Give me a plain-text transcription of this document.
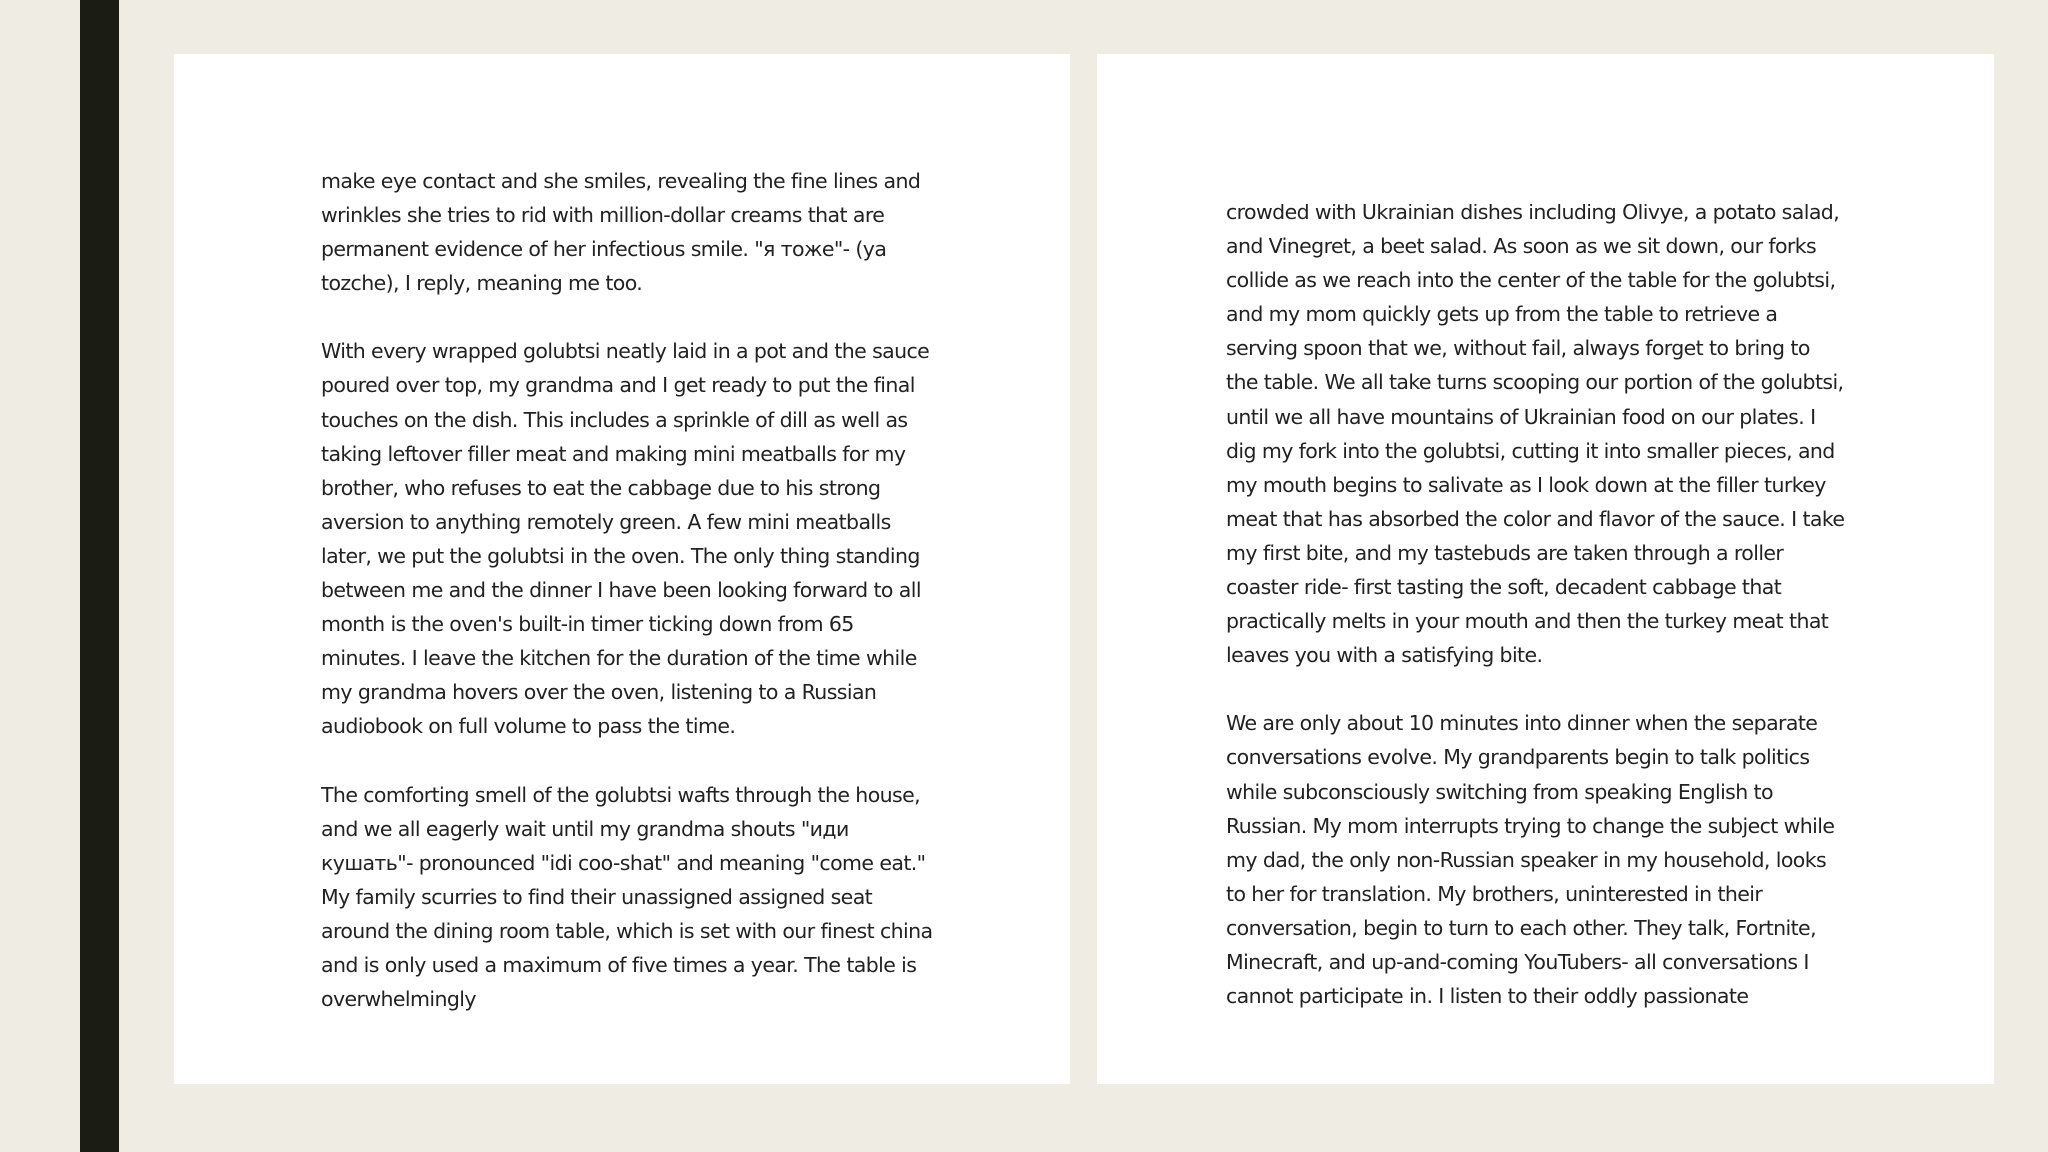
make eye contact and she smiles, revealing the fine lines and wrinkles she tries to rid with million-dollar creams that are permanent evidence of her infectious smile. "я тоже"- (ya tozche), I reply, meaning me too.

With every wrapped golubtsi neatly laid in a pot and the sauce poured over top, my grandma and I get ready to put the final touches on the dish. This includes a sprinkle of dill as well as taking leftover filler meat and making mini meatballs for my brother, who refuses to eat the cabbage due to his strong aversion to anything remotely green. A few mini meatballs later, we put the golubtsi in the oven. The only thing standing between me and the dinner I have been looking forward to all month is the oven's built-in timer ticking down from 65 minutes. I leave the kitchen for the duration of the time while my grandma hovers over the oven, listening to a Russian audiobook on full volume to pass the time.

The comforting smell of the golubtsi wafts through the house, and we all eagerly wait until my grandma shouts "иди кушать"- pronounced "idi coo-shat" and meaning "come eat." My family scurries to find their unassigned assigned seat around the dining room table, which is set with our finest china and is only used a maximum of five times a year. The table is overwhelmingly

crowded with Ukrainian dishes including Olivye, a potato salad, and Vinegret, a beet salad. As soon as we sit down, our forks collide as we reach into the center of the table for the golubtsi, and my mom quickly gets up from the table to retrieve a serving spoon that we, without fail, always forget to bring to the table. We all take turns scooping our portion of the golubtsi, until we all have mountains of Ukrainian food on our plates. I dig my fork into the golubtsi, cutting it into smaller pieces, and my mouth begins to salivate as I look down at the filler turkey meat that has absorbed the color and flavor of the sauce. I take my first bite, and my tastebuds are taken through a roller coaster ride- first tasting the soft, decadent cabbage that practically melts in your mouth and then the turkey meat that leaves you with a satisfying bite.

We are only about 10 minutes into dinner when the separate conversations evolve. My grandparents begin to talk politics while subconsciously switching from speaking English to Russian. My mom interrupts trying to change the subject while my dad, the only non-Russian speaker in my household, looks to her for translation. My brothers, uninterested in their conversation, begin to turn to each other. They talk, Fortnite, Minecraft, and up-and-coming YouTubers- all conversations I cannot participate in. I listen to their oddly passionate
